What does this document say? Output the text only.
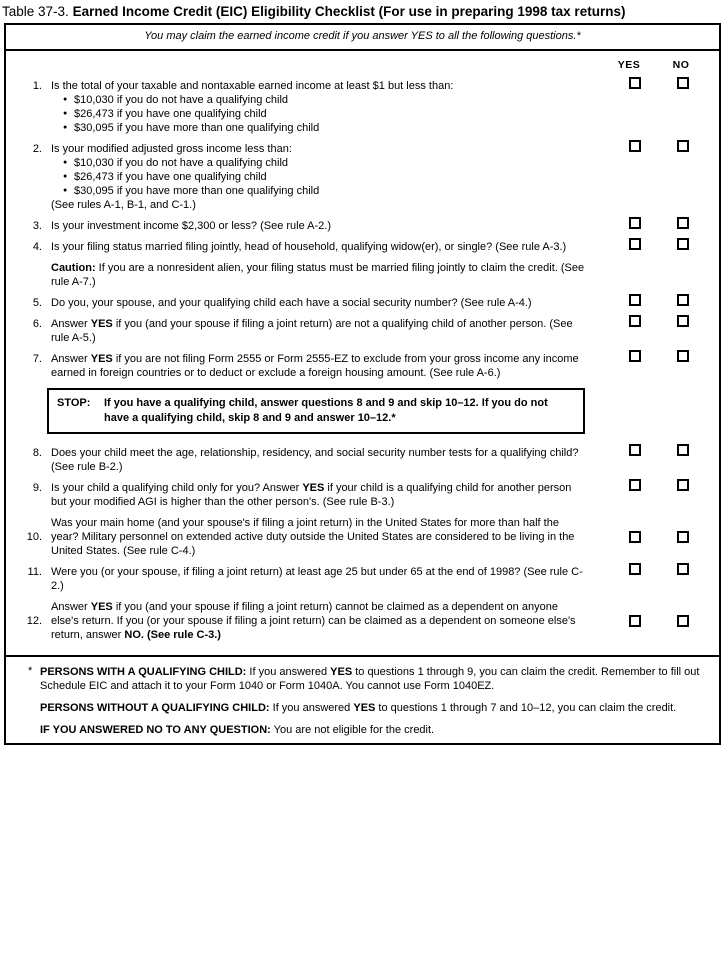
Table 37-3. Earned Income Credit (EIC) Eligibility Checklist (For use in preparing 1998 tax returns)
You may claim the earned income credit if you answer YES to all the following questions.*
YES	NO
1. Is the total of your taxable and nontaxable earned income at least $1 but less than:
● $10,030 if you do not have a qualifying child
● $26,473 if you have one qualifying child
● $30,095 if you have more than one qualifying child
2. Is your modified adjusted gross income less than:
● $10,030 if you do not have a qualifying child
● $26,473 if you have one qualifying child
● $30,095 if you have more than one qualifying child
(See rules A-1, B-1, and C-1.)
3. Is your investment income $2,300 or less? (See rule A-2.)
4. Is your filing status married filing jointly, head of household, qualifying widow(er), or single? (See rule A-3.)
Caution: If you are a nonresident alien, your filing status must be married filing jointly to claim the credit. (See rule A-7.)
5. Do you, your spouse, and your qualifying child each have a social security number? (See rule A-4.)
6. Answer YES if you (and your spouse if filing a joint return) are not a qualifying child of another person. (See rule A-5.)
7. Answer YES if you are not filing Form 2555 or Form 2555-EZ to exclude from your gross income any income earned in foreign countries or to deduct or exclude a foreign housing amount. (See rule A-6.)
STOP:	If you have a qualifying child, answer questions 8 and 9 and skip 10–12. If you do not have a qualifying child, skip 8 and 9 and answer 10–12.*
8. Does your child meet the age, relationship, residency, and social security number tests for a qualifying child? (See rule B-2.)
9. Is your child a qualifying child only for you? Answer YES if your child is a qualifying child for another person but your modified AGI is higher than the other person's. (See rule B-3.)
10.
Was your main home (and your spouse's if filing a joint return) in the United States for more than half the year? Military personnel on extended active duty outside the United States are considered to be living in the United States. (See rule C-4.)
11. Were you (or your spouse, if filing a joint return) at least age 25 but under 65 at the end of 1998? (See rule C-2.)
12.
Answer YES if you (and your spouse if filing a joint return) cannot be claimed as a dependent on anyone else's return. If you (or your spouse if filing a joint return) can be claimed as a dependent on someone else's return, answer NO. (See rule C-3.)
* PERSONS WITH A QUALIFYING CHILD: If you answered YES to questions 1 through 9, you can claim the credit. Remember to fill out Schedule EIC and attach it to your Form 1040 or Form 1040A. You cannot use Form 1040EZ.
PERSONS WITHOUT A QUALIFYING CHILD: If you answered YES to questions 1 through 7 and 10–12, you can claim the credit.
IF YOU ANSWERED NO TO ANY QUESTION: You are not eligible for the credit.
